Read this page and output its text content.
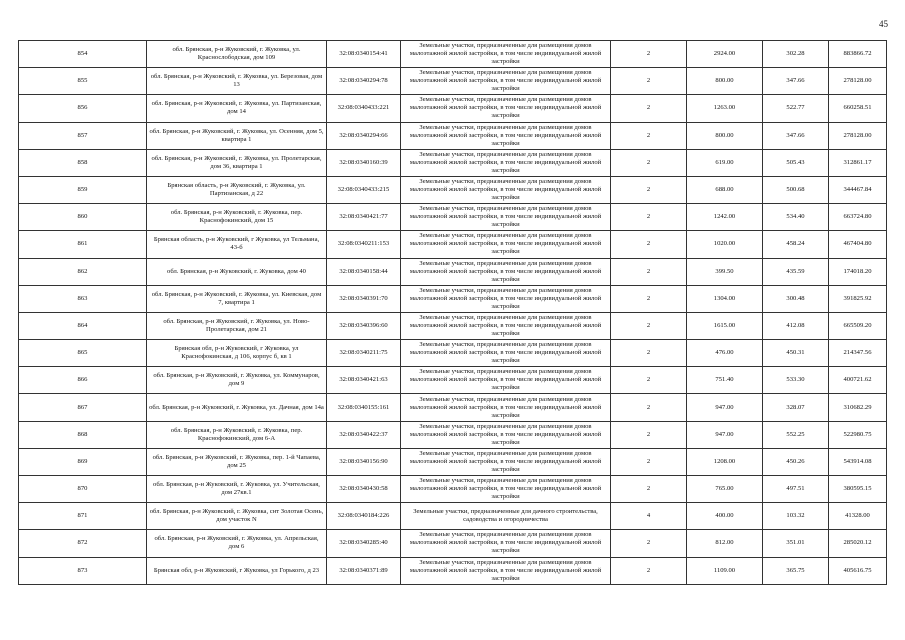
45
854	обл. Брянская, р-н Жуковский, г. Жуковка, ул. Краснослободская, дом 109	32:08:0340154:41	Земельные участки, предназначенные для размещения домов малоэтажной жилой застройки, в том числе индивидуальной жилой застройки	2	2924.00	302.28	883866.72
855	обл. Брянская, р-н Жуковский, г. Жуковка, ул. Березовая, дом 13	32:08:0340294:78	Земельные участки, предназначенные для размещения домов малоэтажной жилой застройки, в том числе индивидуальной жилой застройки	2	800.00	347.66	278128.00
856	обл. Брянская, р-н Жуковский, г. Жуковка, ул. Партизанская, дом 14	32:08:0340433:221	Земельные участки, предназначенные для размещения домов малоэтажной жилой застройки, в том числе индивидуальной жилой застройки	2	1263.00	522.77	660258.51
857	обл. Брянская, р-н Жуковский, г. Жуковка, ул. Осенняя, дом 5, квартира 1	32:08:0340294:66	Земельные участки, предназначенные для размещения домов малоэтажной жилой застройки, в том числе индивидуальной жилой застройки	2	800.00	347.66	278128.00
858	обл. Брянская, р-н Жуковский, г. Жуковка, ул. Пролетарская, дом 36, квартира 1	32:08:0340160:39	Земельные участки, предназначенные для размещения домов малоэтажной жилой застройки, в том числе индивидуальной жилой застройки	2	619.00	505.43	312861.17
859	Брянская область, р-н Жуковский, г. Жуковка, ул. Партизанская, д 22	32:08:0340433:215	Земельные участки, предназначенные для размещения домов малоэтажной жилой застройки, в том числе индивидуальной жилой застройки	2	688.00	500.68	344467.84
860	обл. Брянская, р-н Жуковский, г. Жуковка, пер. Краснофокинский, дом 15	32:08:0340421:77	Земельные участки, предназначенные для размещения домов малоэтажной жилой застройки, в том числе индивидуальной жилой застройки	2	1242.00	534.40	663724.80
861	Брянская область, р-н Жуковский, г Жуковка, ул Тельмана, 43-б	32:08:0340211:153	Земельные участки, предназначенные для размещения домов малоэтажной жилой застройки, в том числе индивидуальной жилой застройки	2	1020.00	458.24	467404.80
862	обл. Брянская, р-н Жуковский, г. Жуковка, дом 40	32:08:0340158:44	Земельные участки, предназначенные для размещения домов малоэтажной жилой застройки, в том числе индивидуальной жилой застройки	2	399.50	435.59	174018.20
863	обл. Брянская, р-н Жуковский, г. Жуковка, ул. Киевская, дом 7, квартира 1	32:08:0340391:70	Земельные участки, предназначенные для размещения домов малоэтажной жилой застройки, в том числе индивидуальной жилой застройки	2	1304.00	300.48	391825.92
864	обл. Брянская, р-н Жуковский, г. Жуковка, ул. Ново-Пролетарская, дом 21	32:08:0340396:60	Земельные участки, предназначенные для размещения домов малоэтажной жилой застройки, в том числе индивидуальной жилой застройки	2	1615.00	412.08	665509.20
865	Брянская обл, р-н Жуковский, г Жуковка, ул Краснофокинская, д 106, корпус б, кв 1	32:08:0340211:75	Земельные участки, предназначенные для размещения домов малоэтажной жилой застройки, в том числе индивидуальной жилой застройки	2	476.00	450.31	214347.56
866	обл. Брянская, р-н Жуковский, г. Жуковка, ул. Коммунаров, дом 9	32:08:0340421:63	Земельные участки, предназначенные для размещения домов малоэтажной жилой застройки, в том числе индивидуальной жилой застройки	2	751.40	533.30	400721.62
867	обл. Брянская, р-н Жуковский, г. Жуковка, ул. Дачная, дом 14а	32:08:0340155:161	Земельные участки, предназначенные для размещения домов малоэтажной жилой застройки, в том числе индивидуальной жилой застройки	2	947.00	328.07	310682.29
868	обл. Брянская, р-н Жуковский, г. Жуковка, пер. Краснофокинский, дом 6-А	32:08:0340422:37	Земельные участки, предназначенные для размещения домов малоэтажной жилой застройки, в том числе индивидуальной жилой застройки	2	947.00	552.25	522980.75
869	обл. Брянская, р-н Жуковский, г. Жуковка, пер. 1-й Чапаева, дом 25	32:08:0340156:90	Земельные участки, предназначенные для размещения домов малоэтажной жилой застройки, в том числе индивидуальной жилой застройки	2	1208.00	450.26	543914.08
870	обл. Брянская, р-н Жуковский, г. Жуковка, ул. Учительская, дом 27кв.1	32:08:0340430:58	Земельные участки, предназначенные для размещения домов малоэтажной жилой застройки, в том числе индивидуальной жилой застройки	2	765.00	497.51	380595.15
871	обл. Брянская, р-н Жуковский, г. Жуковка, снт Золотая Осень, дом участок N	32:08:0340184:226	Земельные участки, предназначенные для дачного строительства, садоводства и огородничества	4	400.00	103.32	41328.00
872	обл. Брянская, р-н Жуковский, г. Жуковка, ул. Апрельская, дом 6	32:08:0340285:40	Земельные участки, предназначенные для размещения домов малоэтажной жилой застройки, в том числе индивидуальной жилой застройки	2	812.00	351.01	285020.12
873	Брянская обл, р-н Жуковский, г Жуковка, ул Горького, д 23	32:08:0340371:89	Земельные участки, предназначенные для размещения домов малоэтажной жилой застройки, в том числе индивидуальной жилой застройки	2	1109.00	365.75	405616.75
